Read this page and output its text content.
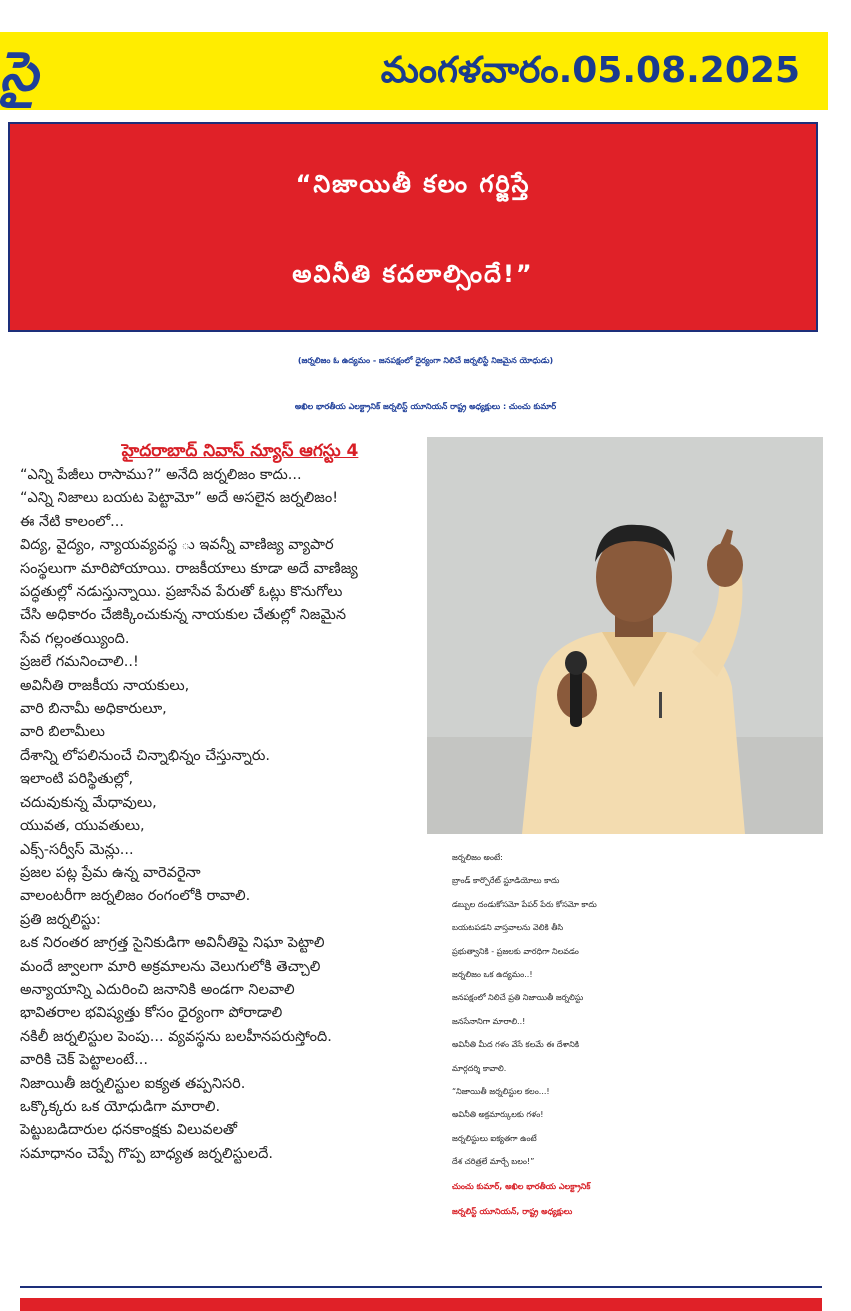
సై	మంగళవారం.05.08.2025
“నిజాయితీ కలం గర్జిస్తే
అవినీతి కదలాల్సిందే!”
(జర్నలిజం ఓ ఉద్యమం - జనపక్షంలో ధైర్యంగా నిలిచే జర్నలిస్టే నిజమైన యోధుడు)
అఖిల భారతీయ ఎలక్ట్రానిక్ జర్నలిస్ట్ యూనియన్ రాష్ట్ర అధ్యక్షులు : చుంచు కుమార్
హైదరాబాద్ నివాస్ న్యూస్ ఆగస్టు 4
“ఎన్ని పేజీలు రాసాము?” అనేది జర్నలిజం కాదు...
“ఎన్ని నిజాలు బయట పెట్టామో” అదే అసలైన జర్నలిజం!
ఈ నేటి కాలంలో...
విద్య, వైద్యం, న్యాయవ్యవస్థ ు ఇవన్నీ వాణిజ్య వ్యాపార
సంస్థలుగా మారిపోయాయి. రాజకీయాలు కూడా అదే వాణిజ్య
పద్ధతుల్లో నడుస్తున్నాయి. ప్రజాసేవ పేరుతో ఓట్లు కొనుగోలు
చేసి అధికారం చేజిక్కించుకున్న నాయకుల చేతుల్లో నిజమైన
సేవ గల్లంతయ్యింది.
ప్రజలే గమనించాలి..!
అవినీతి రాజకీయ నాయకులు,
వారి బినామీ అధికారులూ,
వారి బిలామీలు
దేశాన్ని లోపలినుంచే చిన్నాభిన్నం చేస్తున్నారు.
ఇలాంటి పరిస్థితుల్లో,
చదువుకున్న మేధావులు,
యువత, యువతులు,
ఎక్స్-సర్వీస్ మెన్లు...
ప్రజల పట్ల ప్రేమ ఉన్న వారెవరైనా
వాలంటరీగా జర్నలిజం రంగంలోకి రావాలి.
ప్రతి జర్నలిస్టు:
ఒక నిరంతర జాగ్రత్త సైనికుడిగా అవినీతిపై నిఘా పెట్టాలి
మందే జ్వాలగా మారి అక్రమాలను వెలుగులోకి తెచ్చాలి
అన్యాయాన్ని ఎదురించి జనానికి అండగా నిలవాలి
భావితరాల భవిష్యత్తు కోసం ధైర్యంగా పోరాడాలి
నకిలీ జర్నలిస్టుల పెంపు... వ్యవస్థను బలహీనపరుస్తోంది.
వారికి చెక్ పెట్టాలంటే...
నిజాయితీ జర్నలిస్టుల ఐక్యత తప్పనిసరి.
ఒక్కొక్కరు ఒక యోధుడిగా మారాలి.
పెట్టుబడిదారుల ధనకాంక్షకు విలువలతో
సమాధానం చెప్పే గొప్ప బాధ్యత జర్నలిస్టులదే.
జర్నలిజం అంటే:
బ్రాండ్ కార్పొరేట్ స్టూడియోలు కాదు
డబ్బుల దండుకోసమో పేపర్ పేరు కోసమో కాదు
బయటపడని వాస్తవాలను వెలికి తీసి
ప్రభుత్వానికి - ప్రజలకు వారధిగా నిలవడం
జర్నలిజం ఒక ఉద్యమం..!
జనపక్షంలో నిలిచే ప్రతి నిజాయితీ జర్నలిస్టు
జనసేనానిగా మారాలి..!
అవినీతి మీద గళం వేసే కలమే ఈ దేశానికి
మార్గదర్శి కావాలి.
“నిజాయితీ జర్నలిస్టుల కలం...!
అవినీతి అక్రమార్కులకు గళం!
జర్నలిస్టులు ఐక్యతగా ఉంటే
దేశ చరిత్రలే మార్చే బలం!”
చుంచు కుమార్, అఖిల భారతీయ ఎలక్ట్రానిక్
జర్నలిస్ట్ యూనియన్, రాష్ట్ర అధ్యక్షులు
